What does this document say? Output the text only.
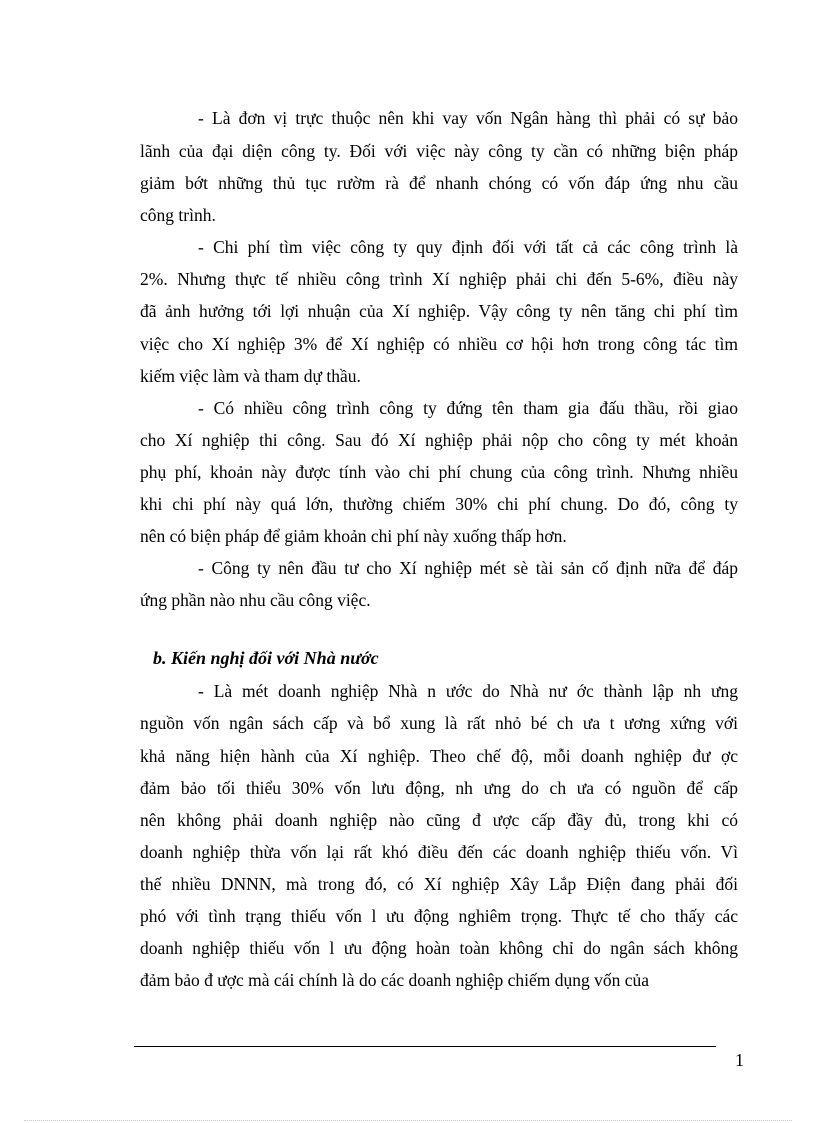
- Là đơn vị trực thuộc nên khi vay vốn Ngân hàng thì phải có sự bảo
lãnh của đại diện công ty. Đối với việc này công ty cần có những biện pháp
giảm bớt những thủ tục rườm rà để nhanh chóng có vốn đáp ứng nhu cầu
công trình.
- Chi phí tìm việc công ty quy định đối với tất cả các công trình là
2%. Nhưng thực tế nhiều công trình Xí nghiệp phải chi đến 5-6%, điều này
đã ảnh hưởng tới lợi nhuận của Xí nghiệp. Vậy công ty nên tăng chi phí tìm
việc cho Xí nghiệp 3% để Xí nghiệp có nhiều cơ hội hơn trong công tác tìm
kiếm việc làm và tham dự thầu.
- Có nhiều công trình công ty đứng tên tham gia đấu thầu, rồi giao
cho Xí nghiệp thi công. Sau đó Xí nghiệp phải nộp cho công ty mét khoản
phụ phí, khoản này được tính vào chi phí chung của công trình. Nhưng nhiều
khi chi phí này quá lớn, thường chiếm 30% chi phí chung. Do đó, công ty
nên có biện pháp để giảm khoản chi phí này xuống thấp hơn.
- Công ty nên đầu tư cho Xí nghiệp mét sè tài sản cố định nữa để đáp
ứng phần nào nhu cầu công việc.
b. Kiến nghị đối với Nhà nước
- Là mét doanh nghiệp Nhà n ước do Nhà nư ớc thành lập nh ưng
nguồn vốn ngân sách cấp và bổ xung là rất nhỏ bé ch ưa t ương xứng với
khả năng hiện hành của Xí nghiệp. Theo chế độ, mỗi doanh nghiệp đư ợc
đảm bảo tối thiểu 30% vốn lưu động, nh ưng do ch ưa có nguồn để cấp
nên không phải doanh nghiệp nào cũng đ ược cấp đầy đủ, trong khi có
doanh nghiệp thừa vốn lại rất khó điều đến các doanh nghiệp thiếu vốn. Vì
thế nhiều DNNN, mà trong đó, có Xí nghiệp Xây Lắp Điện đang phải đối
phó với tình trạng thiếu vốn l ưu động nghiêm trọng. Thực tế cho thấy các
doanh nghiệp thiếu vốn l ưu động hoàn toàn không chỉ do ngân sách không
đảm bảo đ ược mà cái chính là do các doanh nghiệp chiếm dụng vốn của
1
